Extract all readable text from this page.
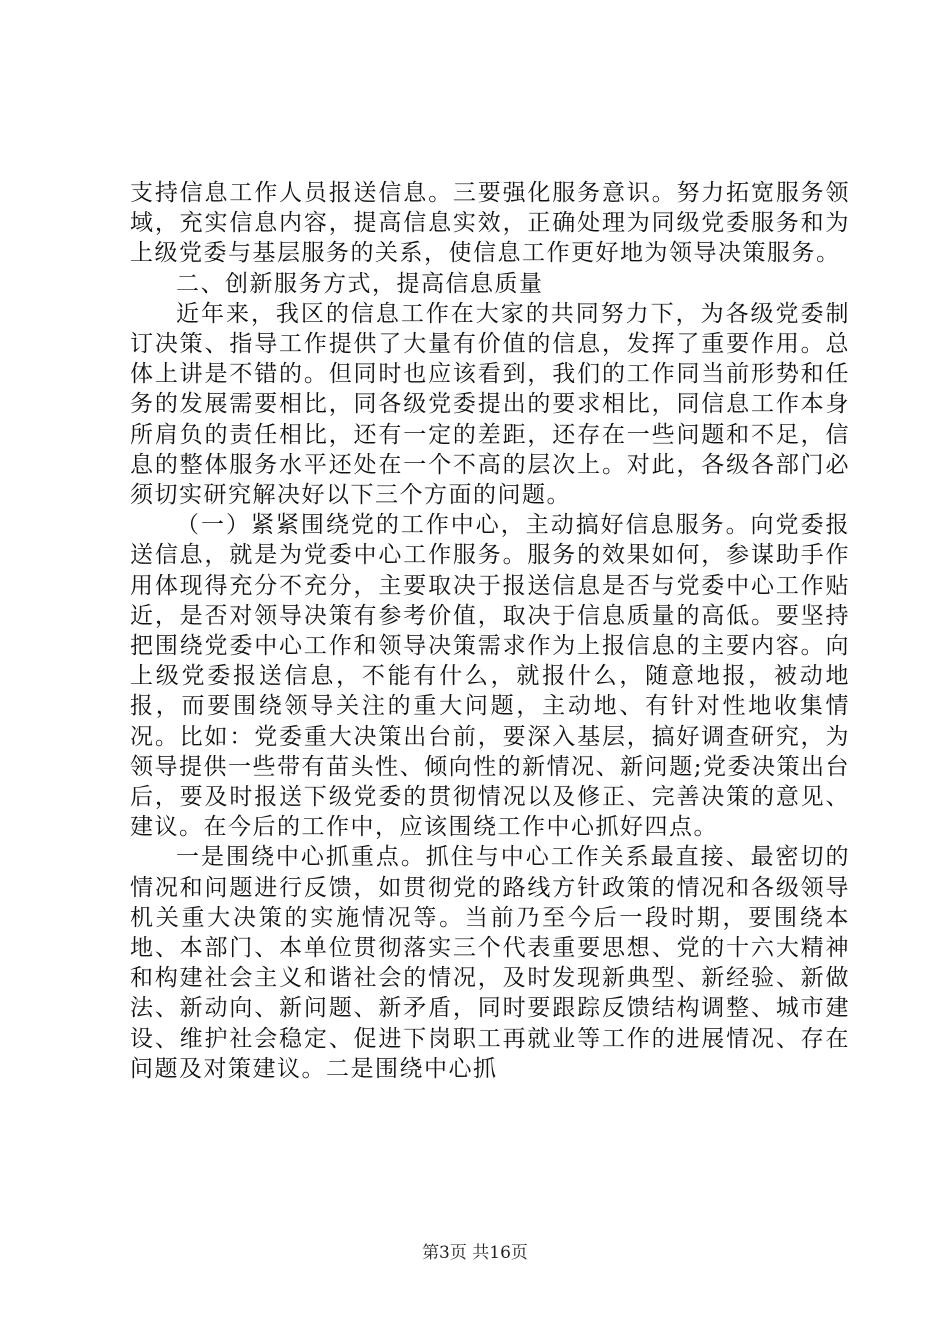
支持信息工作人员报送信息。三要强化服务意识。努力拓宽服务领域，充实信息内容，提高信息实效，正确处理为同级党委服务和为上级党委与基层服务的关系，使信息工作更好地为领导决策服务。

二、创新服务方式，提高信息质量

近年来，我区的信息工作在大家的共同努力下，为各级党委制订决策、指导工作提供了大量有价值的信息，发挥了重要作用。总体上讲是不错的。但同时也应该看到，我们的工作同当前形势和任务的发展需要相比，同各级党委提出的要求相比，同信息工作本身所肩负的责任相比，还有一定的差距，还存在一些问题和不足，信息的整体服务水平还处在一个不高的层次上。对此，各级各部门必须切实研究解决好以下三个方面的问题。

（一）紧紧围绕党的工作中心，主动搞好信息服务。向党委报送信息，就是为党委中心工作服务。服务的效果如何，参谋助手作用体现得充分不充分，主要取决于报送信息是否与党委中心工作贴近，是否对领导决策有参考价值，取决于信息质量的高低。要坚持把围绕党委中心工作和领导决策需求作为上报信息的主要内容。向上级党委报送信息，不能有什么，就报什么，随意地报，被动地报，而要围绕领导关注的重大问题，主动地、有针对性地收集情况。比如：党委重大决策出台前，要深入基层，搞好调查研究，为领导提供一些带有苗头性、倾向性的新情况、新问题;党委决策出台后，要及时报送下级党委的贯彻情况以及修正、完善决策的意见、建议。在今后的工作中，应该围绕工作中心抓好四点。

一是围绕中心抓重点。抓住与中心工作关系最直接、最密切的情况和问题进行反馈，如贯彻党的路线方针政策的情况和各级领导机关重大决策的实施情况等。当前乃至今后一段时期，要围绕本地、本部门、本单位贯彻落实三个代表重要思想、党的十六大精神和构建社会主义和谐社会的情况，及时发现新典型、新经验、新做法、新动向、新问题、新矛盾，同时要跟踪反馈结构调整、城市建设、维护社会稳定、促进下岗职工再就业等工作的进展情况、存在问题及对策建议。二是围绕中心抓

第3页 共16页
